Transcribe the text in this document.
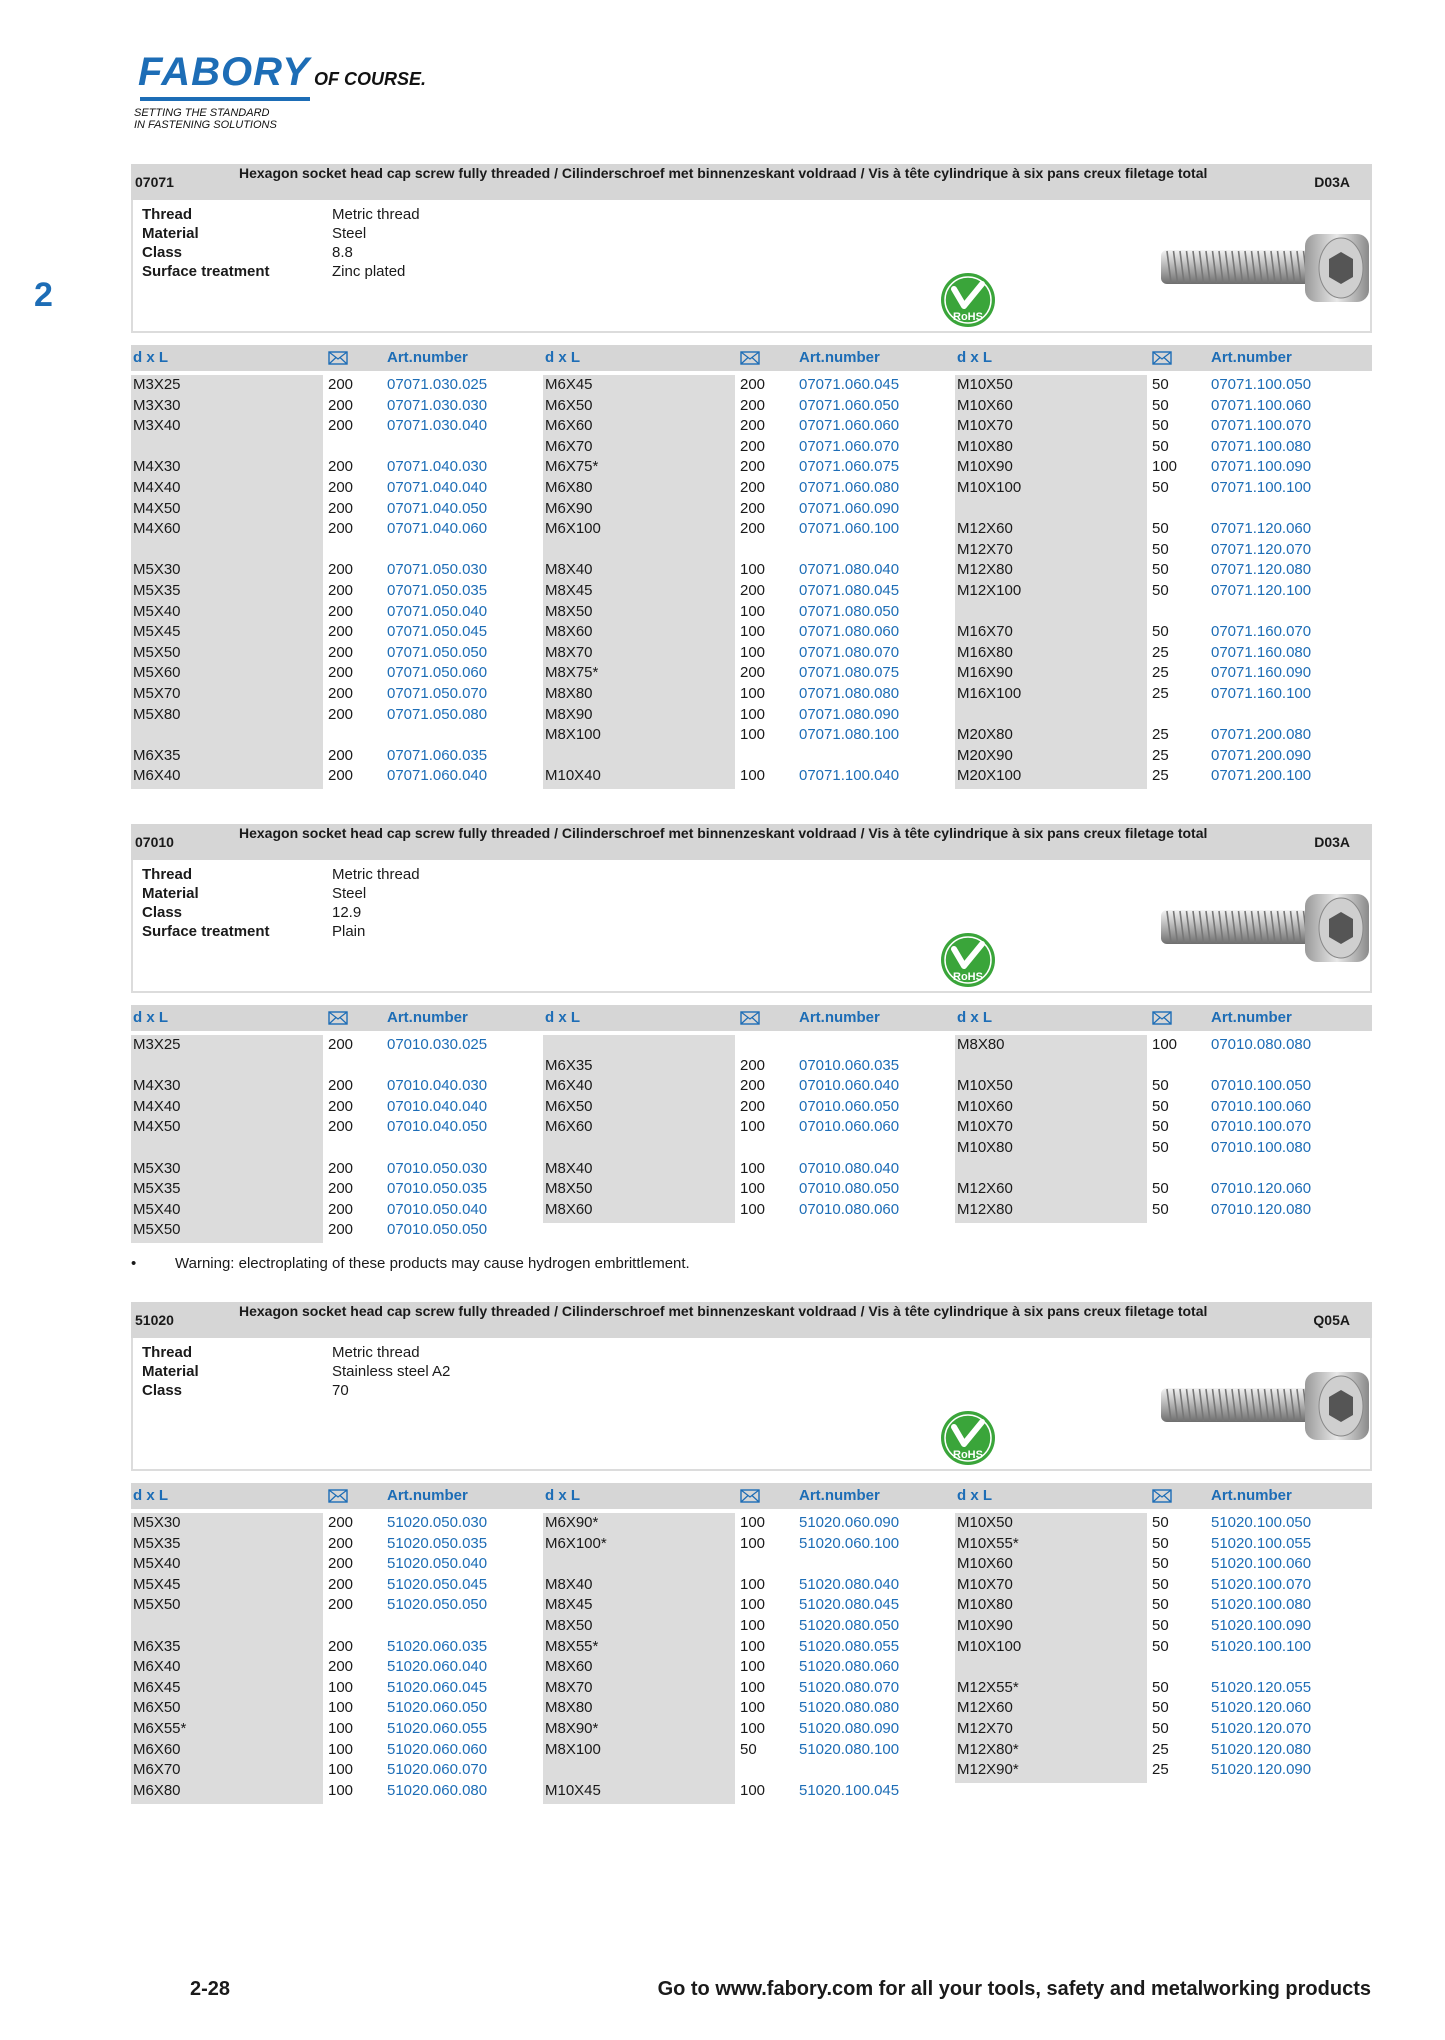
FABORY OF COURSE.
SETTING THE STANDARD
IN FASTENING SOLUTIONS
2
07071
Hexagon socket head cap screw fully threaded / Cilinderschroef met binnenzeskant voldraad / Vis à tête cylindrique à six pans creux filetage total
D03A
Thread	Metric thread
Material	Steel
Class	8.8
Surface treatment	Zinc plated
RoHS
d x L	Art.number	d x L	Art.number	d x L	Art.number
M3X25	200 07071.030.025
M3X30	200 07071.030.030
M3X40	200 07071.030.040
M4X30	200 07071.040.030
M4X40	200 07071.040.040
M4X50	200 07071.040.050
M4X60	200 07071.040.060
M5X30	200 07071.050.030
M5X35	200 07071.050.035
M5X40	200 07071.050.040
M5X45	200 07071.050.045
M5X50	200 07071.050.050
M5X60	200 07071.050.060
M5X70	200 07071.050.070
M5X80	200 07071.050.080
M6X35	200 07071.060.035
M6X40	200 07071.060.040
M6X45	200 07071.060.045
M6X50	200 07071.060.050
M6X60	200 07071.060.060
M6X70	200 07071.060.070
M6X75*	200 07071.060.075
M6X80	200 07071.060.080
M6X90	200 07071.060.090
M6X100	200 07071.060.100
M8X40	100 07071.080.040
M8X45	200 07071.080.045
M8X50	100 07071.080.050
M8X60	100 07071.080.060
M8X70	100 07071.080.070
M8X75*	200 07071.080.075
M8X80	100 07071.080.080
M8X90	100 07071.080.090
M8X100	100 07071.080.100
M10X40	100 07071.100.040
M10X50	50	07071.100.050
M10X60	50	07071.100.060
M10X70	50	07071.100.070
M10X80	50	07071.100.080
M10X90	100 07071.100.090
M10X100	50	07071.100.100
M12X60	50	07071.120.060
M12X70	50	07071.120.070
M12X80	50	07071.120.080
M12X100	50	07071.120.100
M16X70	50	07071.160.070
M16X80	25	07071.160.080
M16X90	25	07071.160.090
M16X100	25	07071.160.100
M20X80	25	07071.200.080
M20X90	25	07071.200.090
M20X100	25	07071.200.100
07010
Hexagon socket head cap screw fully threaded / Cilinderschroef met binnenzeskant voldraad / Vis à tête cylindrique à six pans creux filetage total
D03A
Thread	Metric thread
Material	Steel
Class	12.9
Surface treatment	Plain
RoHS
d x L	Art.number	d x L	Art.number	d x L	Art.number
M3X25	200 07010.030.025
M4X30	200 07010.040.030
M4X40	200 07010.040.040
M4X50	200 07010.040.050
M5X30	200 07010.050.030
M5X35	200 07010.050.035
M5X40	200 07010.050.040
M5X50	200 07010.050.050
M6X35	200 07010.060.035
M6X40	200 07010.060.040
M6X50	200 07010.060.050
M6X60	100 07010.060.060
M8X40	100 07010.080.040
M8X50	100 07010.080.050
M8X60	100 07010.080.060
M8X80	100 07010.080.080
M10X50	50	07010.100.050
M10X60	50	07010.100.060
M10X70	50	07010.100.070
M10X80	50	07010.100.080
M12X60	50	07010.120.060
M12X80	50	07010.120.080
51020
Hexagon socket head cap screw fully threaded / Cilinderschroef met binnenzeskant voldraad / Vis à tête cylindrique à six pans creux filetage total
Q05A
Thread	Metric thread
Material	Stainless steel A2
Class	70
RoHS
d x L	Art.number	d x L	Art.number	d x L	Art.number
M5X30	200 51020.050.030
M5X35	200 51020.050.035
M5X40	200 51020.050.040
M5X45	200 51020.050.045
M5X50	200 51020.050.050
M6X35	200 51020.060.035
M6X40	200 51020.060.040
M6X45	100 51020.060.045
M6X50	100 51020.060.050
M6X55*	100 51020.060.055
M6X60	100 51020.060.060
M6X70	100 51020.060.070
M6X80	100 51020.060.080
M6X90*	100 51020.060.090
M6X100*	100 51020.060.100
M8X40	100 51020.080.040
M8X45	100 51020.080.045
M8X50	100 51020.080.050
M8X55*	100 51020.080.055
M8X60	100 51020.080.060
M8X70	100 51020.080.070
M8X80	100 51020.080.080
M8X90*	100 51020.080.090
M8X100	50	51020.080.100
M10X45	100 51020.100.045
M10X50	50	51020.100.050
M10X55*	50	51020.100.055
M10X60	50	51020.100.060
M10X70	50	51020.100.070
M10X80	50	51020.100.080
M10X90	50	51020.100.090
M10X100	50	51020.100.100
M12X55*	50	51020.120.055
M12X60	50	51020.120.060
M12X70	50	51020.120.070
M12X80*	25	51020.120.080
M12X90*	25	51020.120.090
•	Warning: electroplating of these products may cause hydrogen embrittlement.
2-28	Go to www.fabory.com for all your tools, safety and metalworking products
